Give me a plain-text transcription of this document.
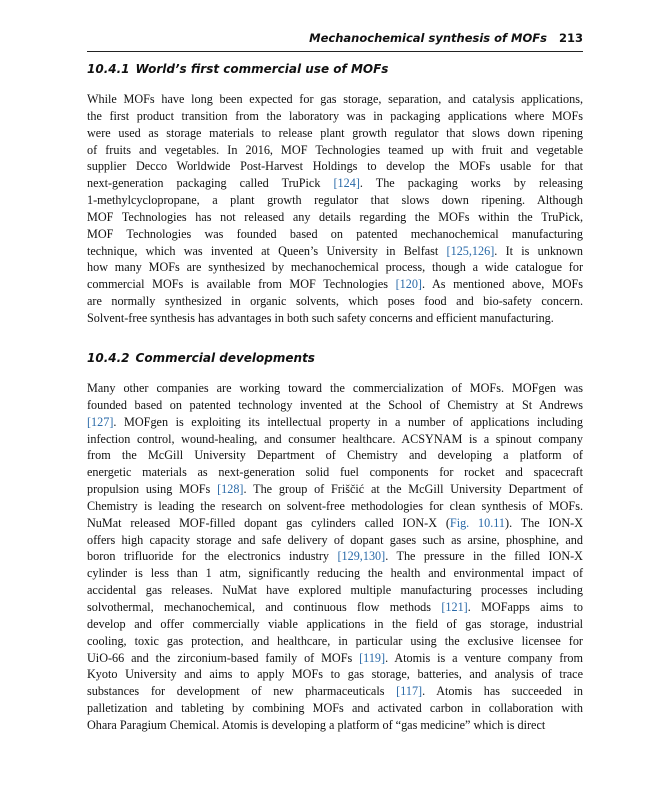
Mechanochemical synthesis of MOFs 213
10.4.1 World’s first commercial use of MOFs
While MOFs have long been expected for gas storage, separation, and catalysis applications,
the first product transition from the laboratory was in packaging applications where MOFs
were used as storage materials to release plant growth regulator that slows down ripening
of fruits and vegetables. In 2016, MOF Technologies teamed up with fruit and vegetable
supplier Decco Worldwide Post-Harvest Holdings to develop the MOFs usable for that
next-generation packaging called TruPick [124]. The packaging works by releasing
1-methylcyclopropane, a plant growth regulator that slows down ripening. Although
MOF Technologies has not released any details regarding the MOFs within the TruPick,
MOF Technologies was founded based on patented mechanochemical manufacturing
technique, which was invented at Queen’s University in Belfast [125,126]. It is unknown
how many MOFs are synthesized by mechanochemical process, though a wide catalogue for
commercial MOFs is available from MOF Technologies [120]. As mentioned above, MOFs
are normally synthesized in organic solvents, which poses food and bio-safety concern.
Solvent-free synthesis has advantages in both such safety concerns and efficient manufacturing.
10.4.2 Commercial developments
Many other companies are working toward the commercialization of MOFs. MOFgen was
founded based on patented technology invented at the School of Chemistry at St Andrews
[127]. MOFgen is exploiting its intellectual property in a number of applications including
infection control, wound-healing, and consumer healthcare. ACSYNAM is a spinout company
from the McGill University Department of Chemistry and developing a platform of
energetic materials as next-generation solid fuel components for rocket and spacecraft
propulsion using MOFs [128]. The group of Friščić at the McGill University Department of
Chemistry is leading the research on solvent-free methodologies for clean synthesis of MOFs.
NuMat released MOF-filled dopant gas cylinders called ION-X (Fig. 10.11). The ION-X
offers high capacity storage and safe delivery of dopant gases such as arsine, phosphine, and
boron trifluoride for the electronics industry [129,130]. The pressure in the filled ION-X
cylinder is less than 1 atm, significantly reducing the health and environmental impact of
accidental gas releases. NuMat have explored multiple manufacturing processes including
solvothermal, mechanochemical, and continuous flow methods [121]. MOFapps aims to
develop and offer commercially viable applications in the field of gas storage, industrial
cooling, toxic gas protection, and healthcare, in particular using the exclusive licensee for
UiO-66 and the zirconium-based family of MOFs [119]. Atomis is a venture company from
Kyoto University and aims to apply MOFs to gas storage, batteries, and analysis of trace
substances for development of new pharmaceuticals [117]. Atomis has succeeded in
palletization and tableting by combining MOFs and activated carbon in collaboration with
Ohara Paragium Chemical. Atomis is developing a platform of “gas medicine” which is direct
